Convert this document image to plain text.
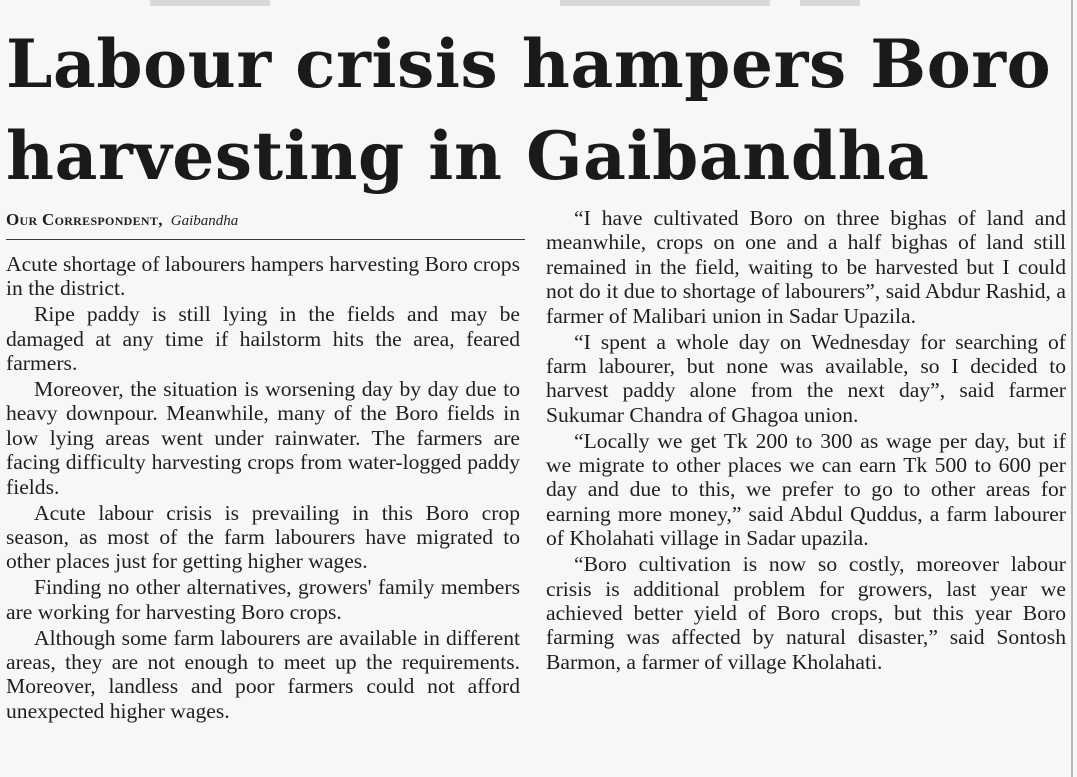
Labour crisis hampers Boro harvesting in Gaibandha
Our Correspondent, Gaibandha

Acute shortage of labourers hampers harvesting Boro crops in the district.

Ripe paddy is still lying in the fields and may be damaged at any time if hailstorm hits the area, feared farmers.

Moreover, the situation is worsening day by day due to heavy downpour. Meanwhile, many of the Boro fields in low lying areas went under rainwater. The farmers are facing difficulty harvesting crops from water-logged paddy fields.

Acute labour crisis is prevailing in this Boro crop season, as most of the farm labourers have migrated to other places just for getting higher wages.

Finding no other alternatives, growers' family members are working for harvesting Boro crops.

Although some farm labourers are available in different areas, they are not enough to meet up the requirements. Moreover, landless and poor farmers could not afford unexpected higher wages.

“I have cultivated Boro on three bighas of land and meanwhile, crops on one and a half bighas of land still remained in the field, waiting to be harvested but I could not do it due to shortage of labourers”, said Abdur Rashid, a farmer of Malibari union in Sadar Upazila.

“I spent a whole day on Wednesday for searching of farm labourer, but none was available, so I decided to harvest paddy alone from the next day”, said farmer Sukumar Chandra of Ghagoa union.

“Locally we get Tk 200 to 300 as wage per day, but if we migrate to other places we can earn Tk 500 to 600 per day and due to this, we prefer to go to other areas for earning more money,” said Abdul Quddus, a farm labourer of Kholahati village in Sadar upazila.

“Boro cultivation is now so costly, moreover labour crisis is additional problem for growers, last year we achieved better yield of Boro crops, but this year Boro farming was affected by natural disaster,” said Sontosh Barmon, a farmer of village Kholahati.
